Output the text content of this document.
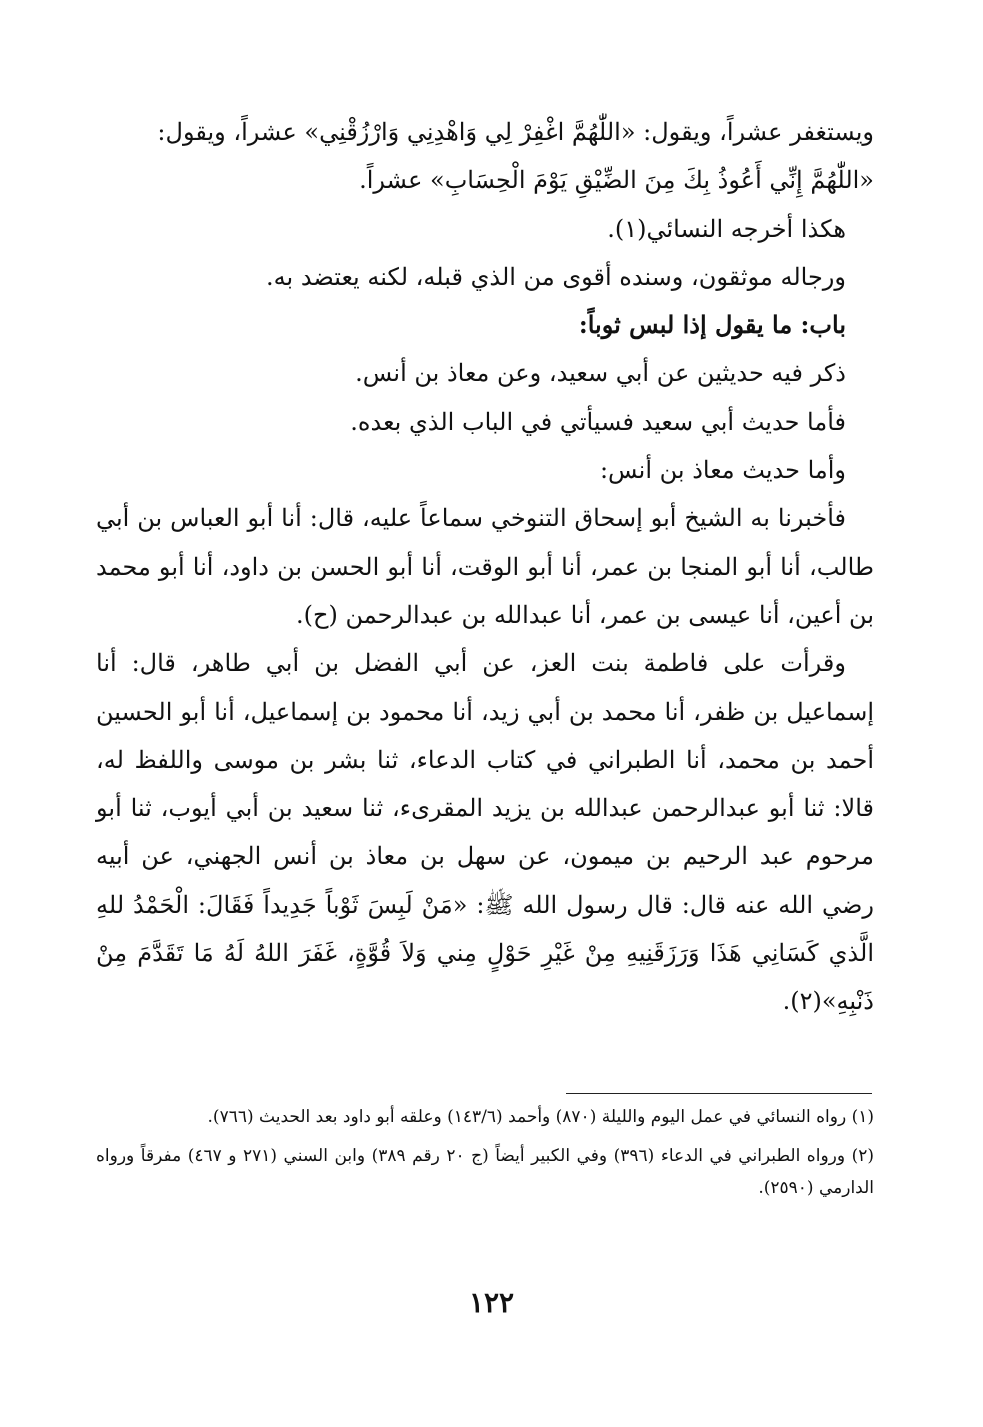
ويستغفر عشراً، ويقول: «اللّٰهُمَّ اغْفِرْ لِي وَاهْدِنِي وَارْزُقْنِي» عشراً، ويقول:

«اللّٰهُمَّ إِنِّي أَعُوذُ بِكَ مِنَ الضِّيْقِ يَوْمَ الْحِسَابِ» عشراً.

هكذا أخرجه النسائي(١).

ورجاله موثقون، وسنده أقوى من الذي قبله، لكنه يعتضد به.

باب: ما يقول إذا لبس ثوباً:

ذكر فيه حديثين عن أبي سعيد، وعن معاذ بن أنس.

فأما حديث أبي سعيد فسيأتي في الباب الذي بعده.

وأما حديث معاذ بن أنس:

فأخبرنا به الشيخ أبو إسحاق التنوخي سماعاً عليه، قال: أنا أبو العباس بن أبي طالب، أنا أبو المنجا بن عمر، أنا أبو الوقت، أنا أبو الحسن بن داود، أنا أبو محمد بن أعين، أنا عيسى بن عمر، أنا عبدالله بن عبدالرحمن (ح).

وقرأت على فاطمة بنت العز، عن أبي الفضل بن أبي طاهر، قال: أنا إسماعيل بن ظفر، أنا محمد بن أبي زيد، أنا محمود بن إسماعيل، أنا أبو الحسين أحمد بن محمد، أنا الطبراني في كتاب الدعاء، ثنا بشر بن موسى واللفظ له، قالا: ثنا أبو عبدالرحمن عبدالله بن يزيد المقرىء، ثنا سعيد بن أبي أيوب، ثنا أبو مرحوم عبد الرحيم بن ميمون، عن سهل بن معاذ بن أنس الجهني، عن أبيه رضي الله عنه قال: قال رسول الله ﷺ: «مَنْ لَبِسَ ثَوْباً جَدِيداً فَقَالَ: الْحَمْدُ للهِ الَّذي كَسَانِي هَذَا وَرَزَقَنِيهِ مِنْ غَيْرِ حَوْلٍ مِني وَلاَ قُوَّةٍ، غَفَرَ اللهُ لَهُ مَا تَقَدَّمَ مِنْ ذَنْبِهِ»(٢).

(١) رواه النسائي في عمل اليوم والليلة (٨٧٠) وأحمد (١٤٣/٦) وعلقه أبو داود بعد الحديث (٧٦٦).

(٢) ورواه الطبراني في الدعاء (٣٩٦) وفي الكبير أيضاً (ج ٢٠ رقم ٣٨٩) وابن السني (٢٧١ و ٤٦٧) مفرقاً ورواه الدارمي (٢٥٩٠).

١٢٢
